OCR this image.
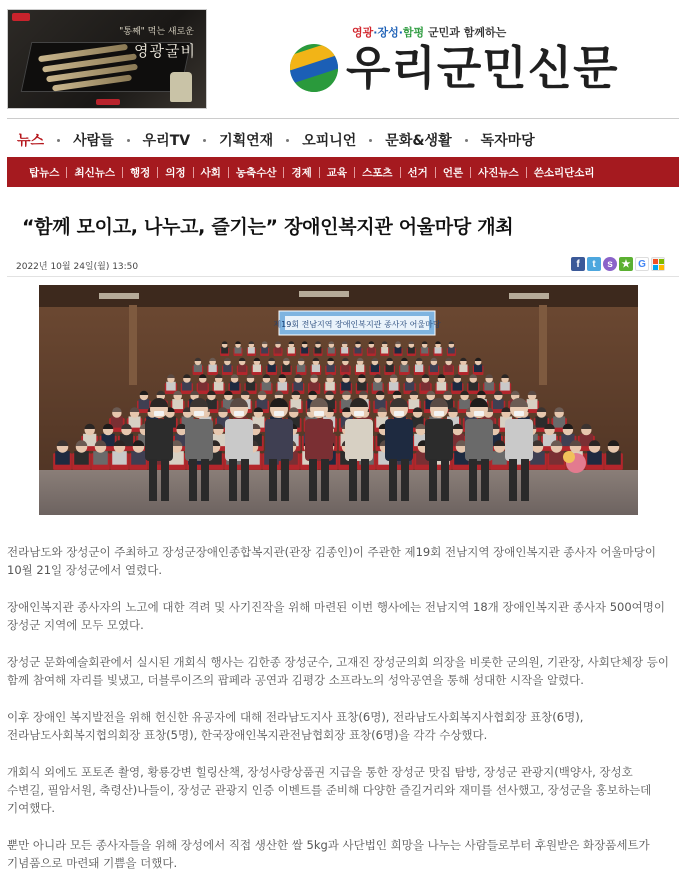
"통째" 먹는 새로운
영광굴비
영광·장성·함평 군민과 함께하는
우리군민신문
뉴스 사람들 우리TV 기획연재 오피니언 문화&생활 독자마당
탑뉴스 최신뉴스 행정 의정 사회 농축수산 경제 교육 스포츠 선거 언론 사진뉴스 쓴소리단소리
“함께 모이고, 나누고, 즐기는” 장애인복지관 어울마당 개최
2022년 10월 24일(월) 13:50	f	t	s ★ G
제19회 전남지역 장애인복지관 종사자 어울마당

전라남도와 장성군이 주최하고 장성군장애인종합복지관(관장 김종인)이 주관한 제19회 전남지역 장애인복지관 종사자 어울마당이 10월 21일 장성군에서 열렸다.

장애인복지관 종사자의 노고에 대한 격려 및 사기진작을 위해 마련된 이번 행사에는 전남지역 18개 장애인복지관 종사자 500여명이 장성군 지역에 모두 모였다.

장성군 문화예술회관에서 실시된 개회식 행사는 김한종 장성군수, 고재진 장성군의회 의장을 비롯한 군의원, 기관장, 사회단체장 등이 함께 참여해 자리를 빛냈고, 더블루이즈의 팝페라 공연과 김평강 소프라노의 성악공연을 통해 성대한 시작을 알렸다.

이후 장애인 복지발전을 위해 헌신한 유공자에 대해 전라남도지사 표창(6명), 전라남도사회복지사협회장 표창(6명), 전라남도사회복지협의회장 표창(5명), 한국장애인복지관전남협회장 표창(6명)을 각각 수상했다.

개회식 외에도 포토존 촬영, 황룡강변 힐링산책, 장성사랑상품권 지급을 통한 장성군 맛집 탐방, 장성군 관광지(백양사, 장성호 수변길, 필암서원, 축령산)나들이, 장성군 관광지 인증 이벤트를 준비해 다양한 즐길거리와 재미를 선사했고, 장성군을 홍보하는데 기여했다.

뿐만 아니라 모든 종사자들을 위해 장성에서 직접 생산한 쌀 5kg과 사단법인 희망을 나누는 사람들로부터 후원받은 화장품세트가 기념품으로 마련돼 기쁨을 더했다.
